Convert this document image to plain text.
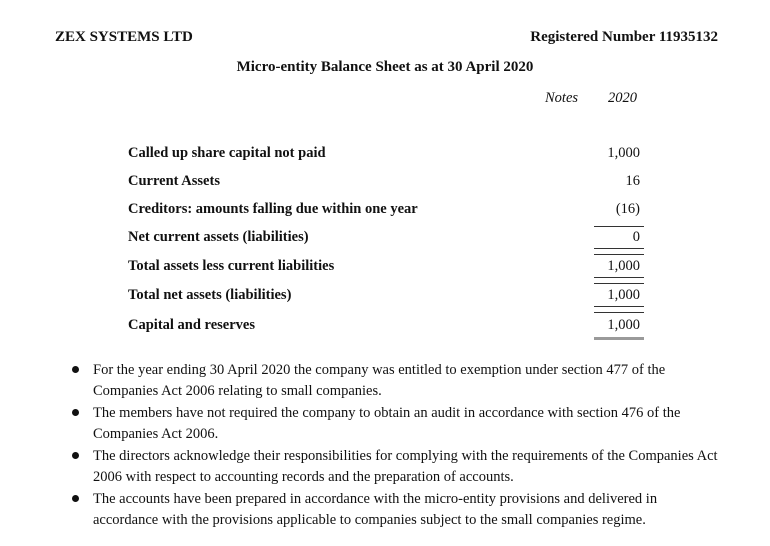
ZEX SYSTEMS LTD	Registered Number 11935132
Micro-entity Balance Sheet as at 30 April 2020
Notes 2020
Called up share capital not paid	1,000
Current Assets	16
Creditors: amounts falling due within one year	(16)
Net current assets (liabilities)	0
Total assets less current liabilities	1,000
Total net assets (liabilities)	1,000
Capital and reserves	1,000
For the year ending 30 April 2020 the company was entitled to exemption under section 477 of the Companies Act 2006 relating to small companies.
The members have not required the company to obtain an audit in accordance with section 476 of the Companies Act 2006.
The directors acknowledge their responsibilities for complying with the requirements of the Companies Act 2006 with respect to accounting records and the preparation of accounts.
The accounts have been prepared in accordance with the micro-entity provisions and delivered in accordance with the provisions applicable to companies subject to the small companies regime.
